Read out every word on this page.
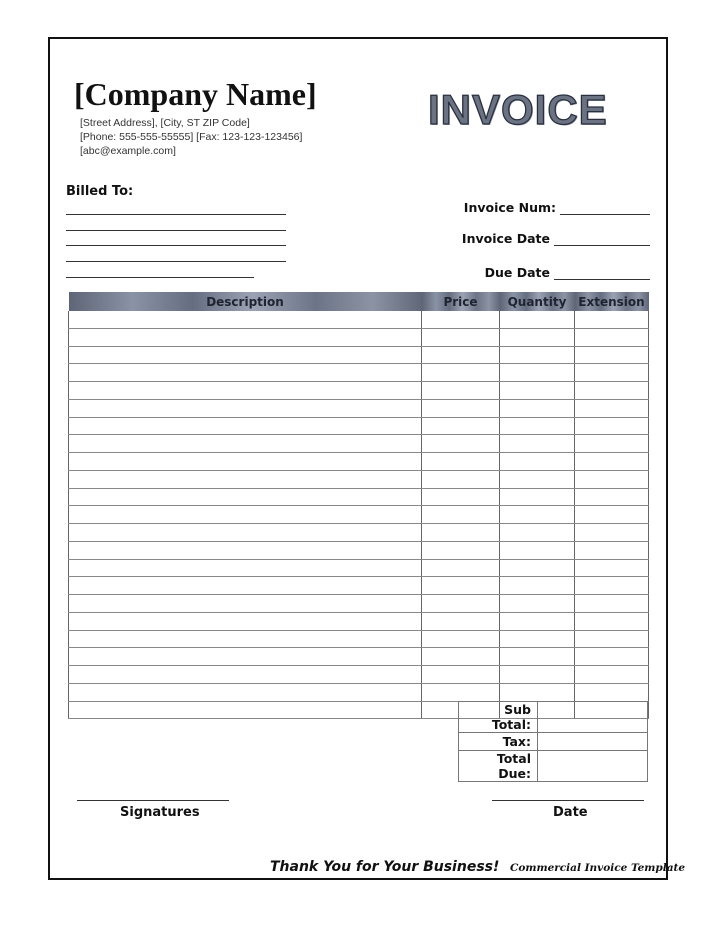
[Company Name]
[Street Address], [City, ST ZIP Code]
[Phone: 555-555-55555] [Fax: 123-123-123456]
[abc@example.com]
INVOICE
Billed To:
Invoice Num:
Invoice Date
Due Date
Description	Price	Quantity	Extension

Sub Total:	
Tax:	
Total Due:	
Signatures	Date
Thank You for Your Business! Commercial Invoice Template
